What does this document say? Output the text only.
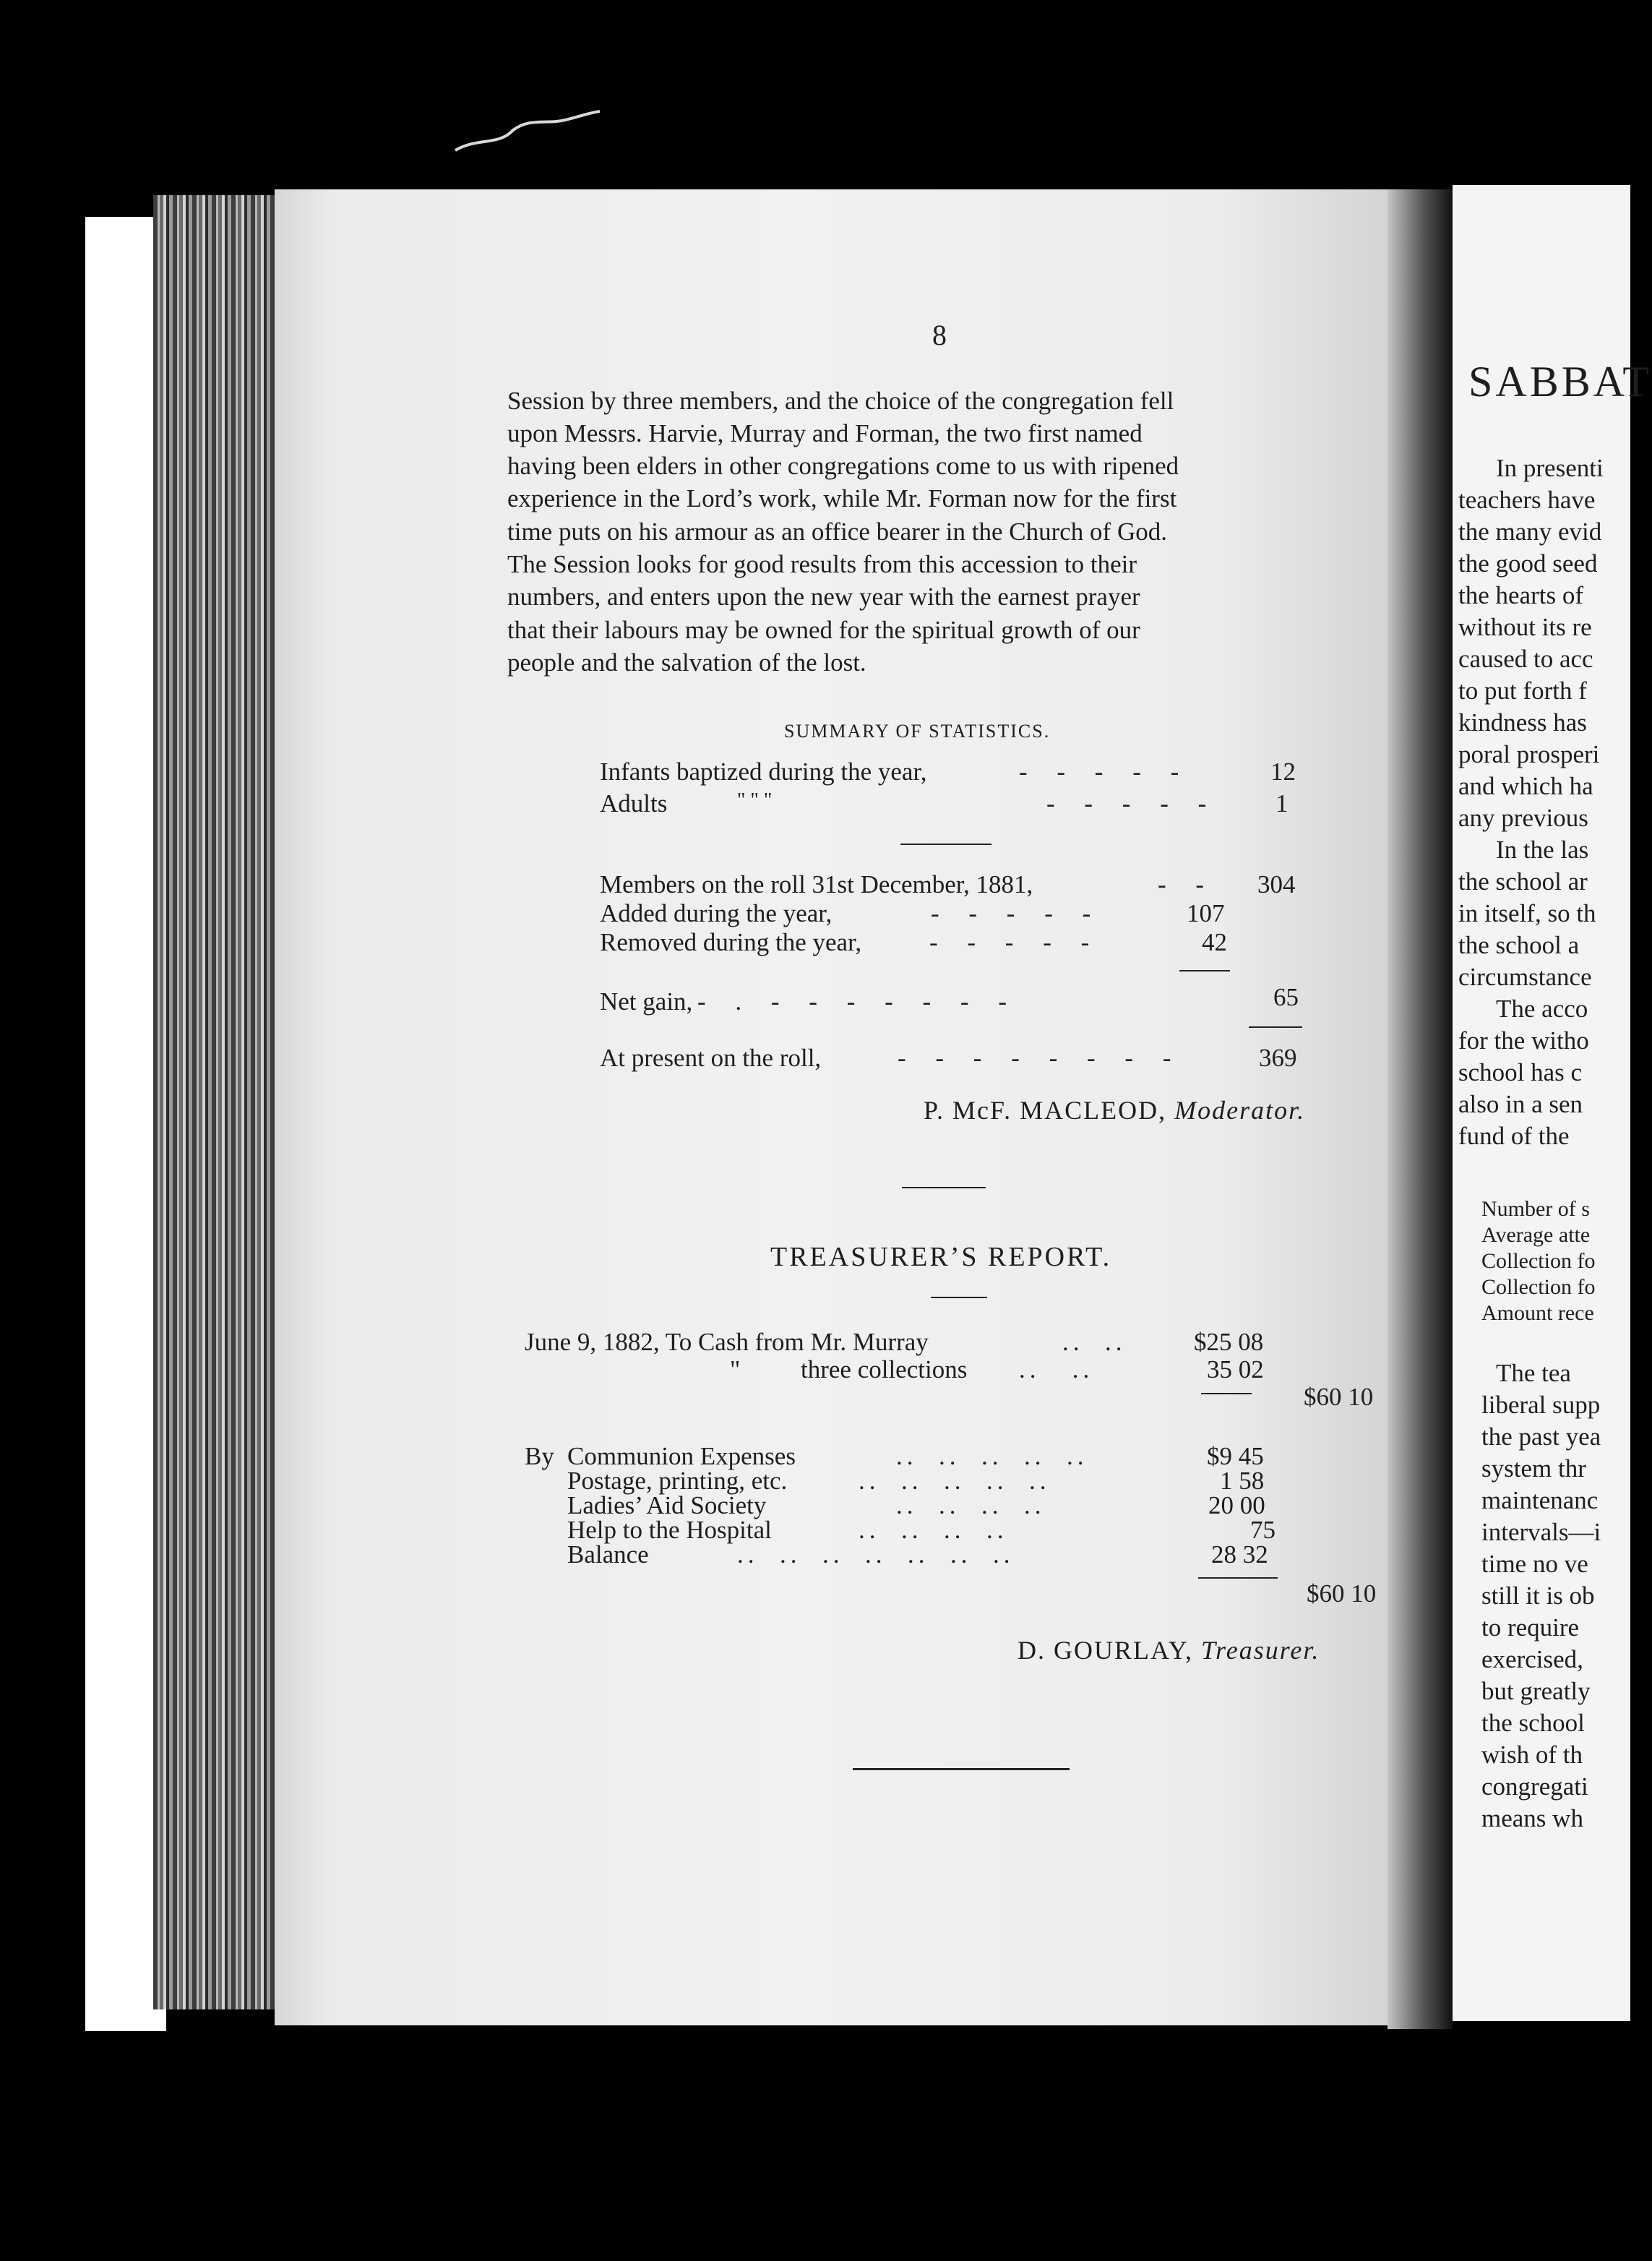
8
Session by three members, and the choice of the congregation fell
upon Messrs. Harvie, Murray and Forman, the two first named
having been elders in other congregations come to us with ripened
experience in the Lord’s work, while Mr. Forman now for the first
time puts on his armour as an office bearer in the Church of God.
The Session looks for good results from this accession to their
numbers, and enters upon the new year with the earnest prayer
that their labours may be owned for the spiritual growth of our
people and the salvation of the lost.
SUMMARY OF STATISTICS.
Infants baptized during the year,	- - - - -	12
Adults	" " "	- - - - - 1
Members on the roll 31st December, 1881,	- - 304
Added during the year,	- - - - -	107
Removed during the year,	- - - - -	42
Net gain, - . - - - - - - -	65
At present on the roll,	- - - - - - - -	369
P. McF. MACLEOD, Moderator.
TREASURER’S REPORT.
June 9, 1882, To Cash from Mr. Murray	..  ..	$25 08
" three collections ..   ..	35 02
$60 10
By Communion Expenses	..  ..  ..  ..  ..	$9 45
Postage, printing, etc.	..  ..  ..  ..  ..	1 58
Ladies’ Aid Society	..  ..  ..  ..	20 00
Help to the Hospital	..  ..  ..  ..	75
Balance	..  ..  ..  ..  ..  ..  ..	28 32
$60 10
D. GOURLAY, Treasurer.
SABBAT
In presenti
teachers have
the many evid
the good seed
the hearts of
without its re
caused to acc
to put forth f
kindness has
poral prosperi
and which ha
any previous
In the las
the school ar
in itself, so th
the school a
circumstance
The acco
for the witho
school has c
also in a sen
fund of the
Number of s
Average atte
Collection fo
Collection fo
Amount rece
The tea
liberal supp
the past yea
system thr
maintenanc
intervals—i
time no ve
still it is ob
to require
exercised,
but greatly
the school
wish of th
congregati
means wh
